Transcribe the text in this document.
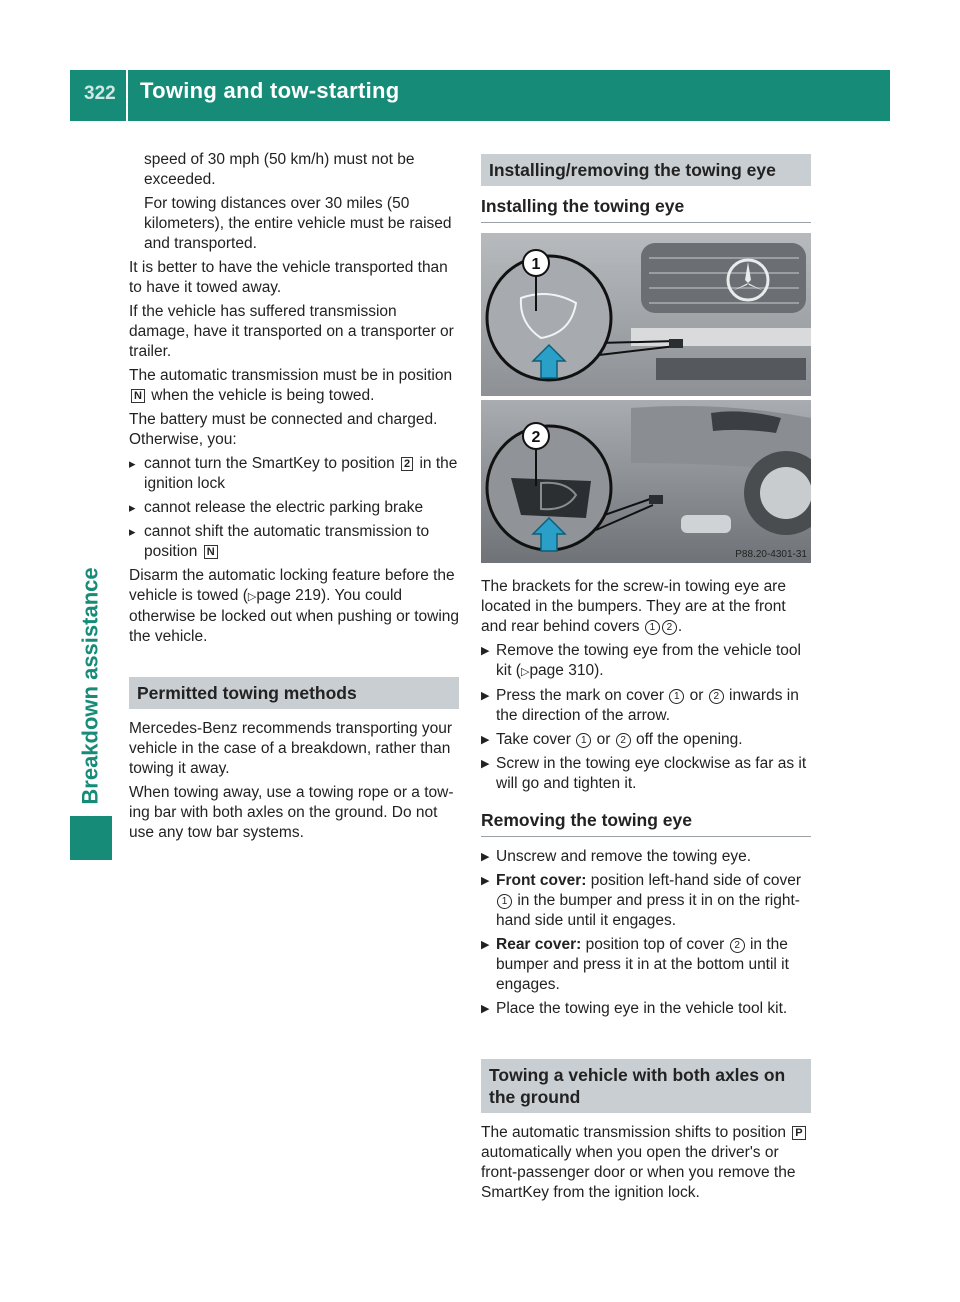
322 Towing and tow-starting
Breakdown assistance

speed of 30 mph (50 km/h) must not be exceeded.

For towing distances over 30 miles (50 kilometers), the entire vehicle must be raised and transported.

It is better to have the vehicle transported than to have it towed away.

If the vehicle has suffered transmission damage, have it transported on a transporter or trailer.

The automatic transmission must be in position N when the vehicle is being towed.

The battery must be connected and charged. Otherwise, you:

▸ cannot turn the SmartKey to position 2 in the ignition lock
▸ cannot release the electric parking brake
▸ cannot shift the automatic transmission to position N

Disarm the automatic locking feature before the vehicle is towed (▷page 219). You could otherwise be locked out when pushing or towing the vehicle.

Permitted towing methods

Mercedes-Benz recommends transporting your vehicle in the case of a breakdown, rather than towing it away.

When towing away, use a towing rope or a tow-ing bar with both axles on the ground. Do not use any tow bar systems.

Installing/removing the towing eye
Installing the towing eye
1
2
P88.20-4301-31

The brackets for the screw-in towing eye are located in the bumpers. They are at the front and rear behind covers 1 2 .

▶ Remove the towing eye from the vehicle tool kit (▷page 310).
▶ Press the mark on cover 1 or 2 inwards in the direction of the arrow.
▶ Take cover 1 or 2 off the opening.
▶ Screw in the towing eye clockwise as far as it will go and tighten it.
Removing the towing eye
▶ Unscrew and remove the towing eye.
▶ Front cover: position left-hand side of cover 1 in the bumper and press it in on the right-hand side until it engages.
▶ Rear cover: position top of cover 2 in the bumper and press it in at the bottom until it engages.
▶ Place the towing eye in the vehicle tool kit.
Towing a vehicle with both axles on the ground

The automatic transmission shifts to position P automatically when you open the driver's or front-passenger door or when you remove the SmartKey from the ignition lock.
